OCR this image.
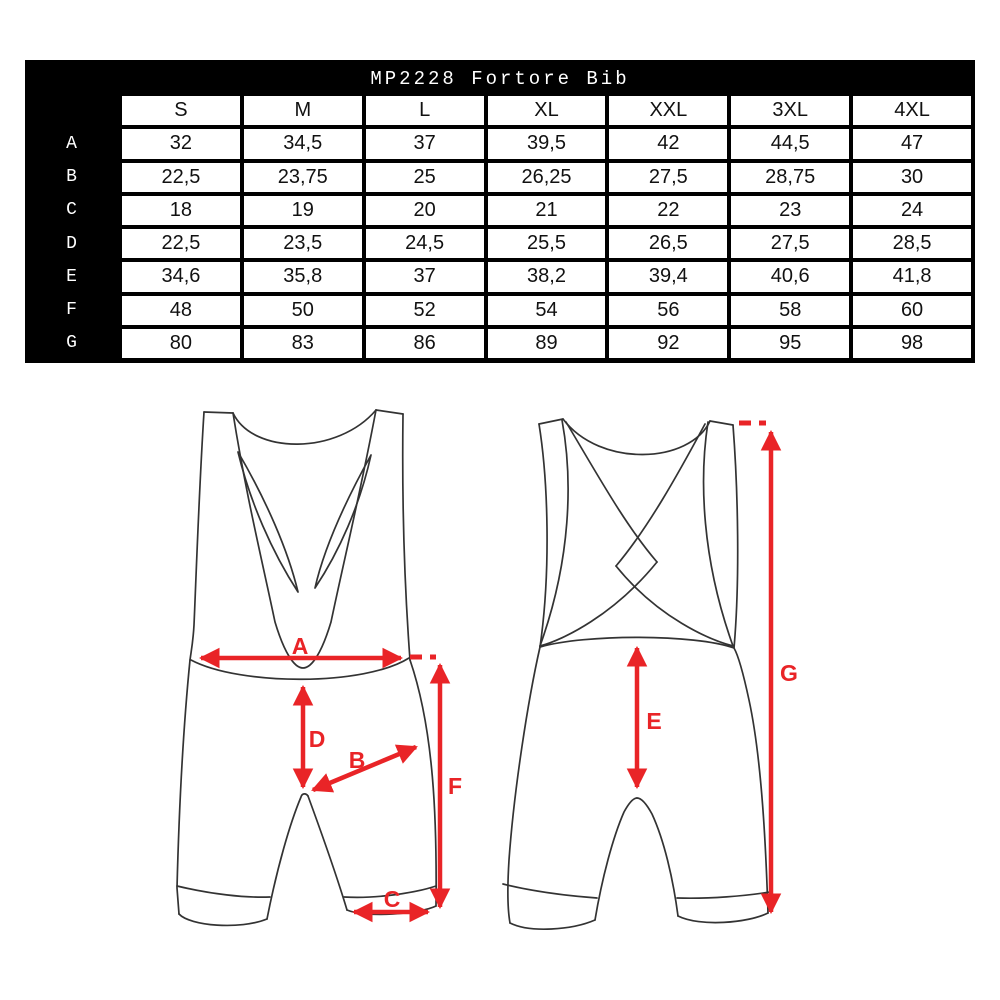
MP2228 Fortore Bib
S	M	L	XL	XXL	3XL	4XL
A	32	34,5	37	39,5	42	44,5	47
B	22,5	23,75	25	26,25	27,5	28,75	30
C	18	19	20	21	22	23	24
D	22,5	23,5	24,5	25,5	26,5	27,5	28,5
E	34,6	35,8	37	38,2	39,4	40,6	41,8
F	48	50	52	54	56	58	60
G	80	83	86	89	92	95	98
A
B
C
D
E
F
G
